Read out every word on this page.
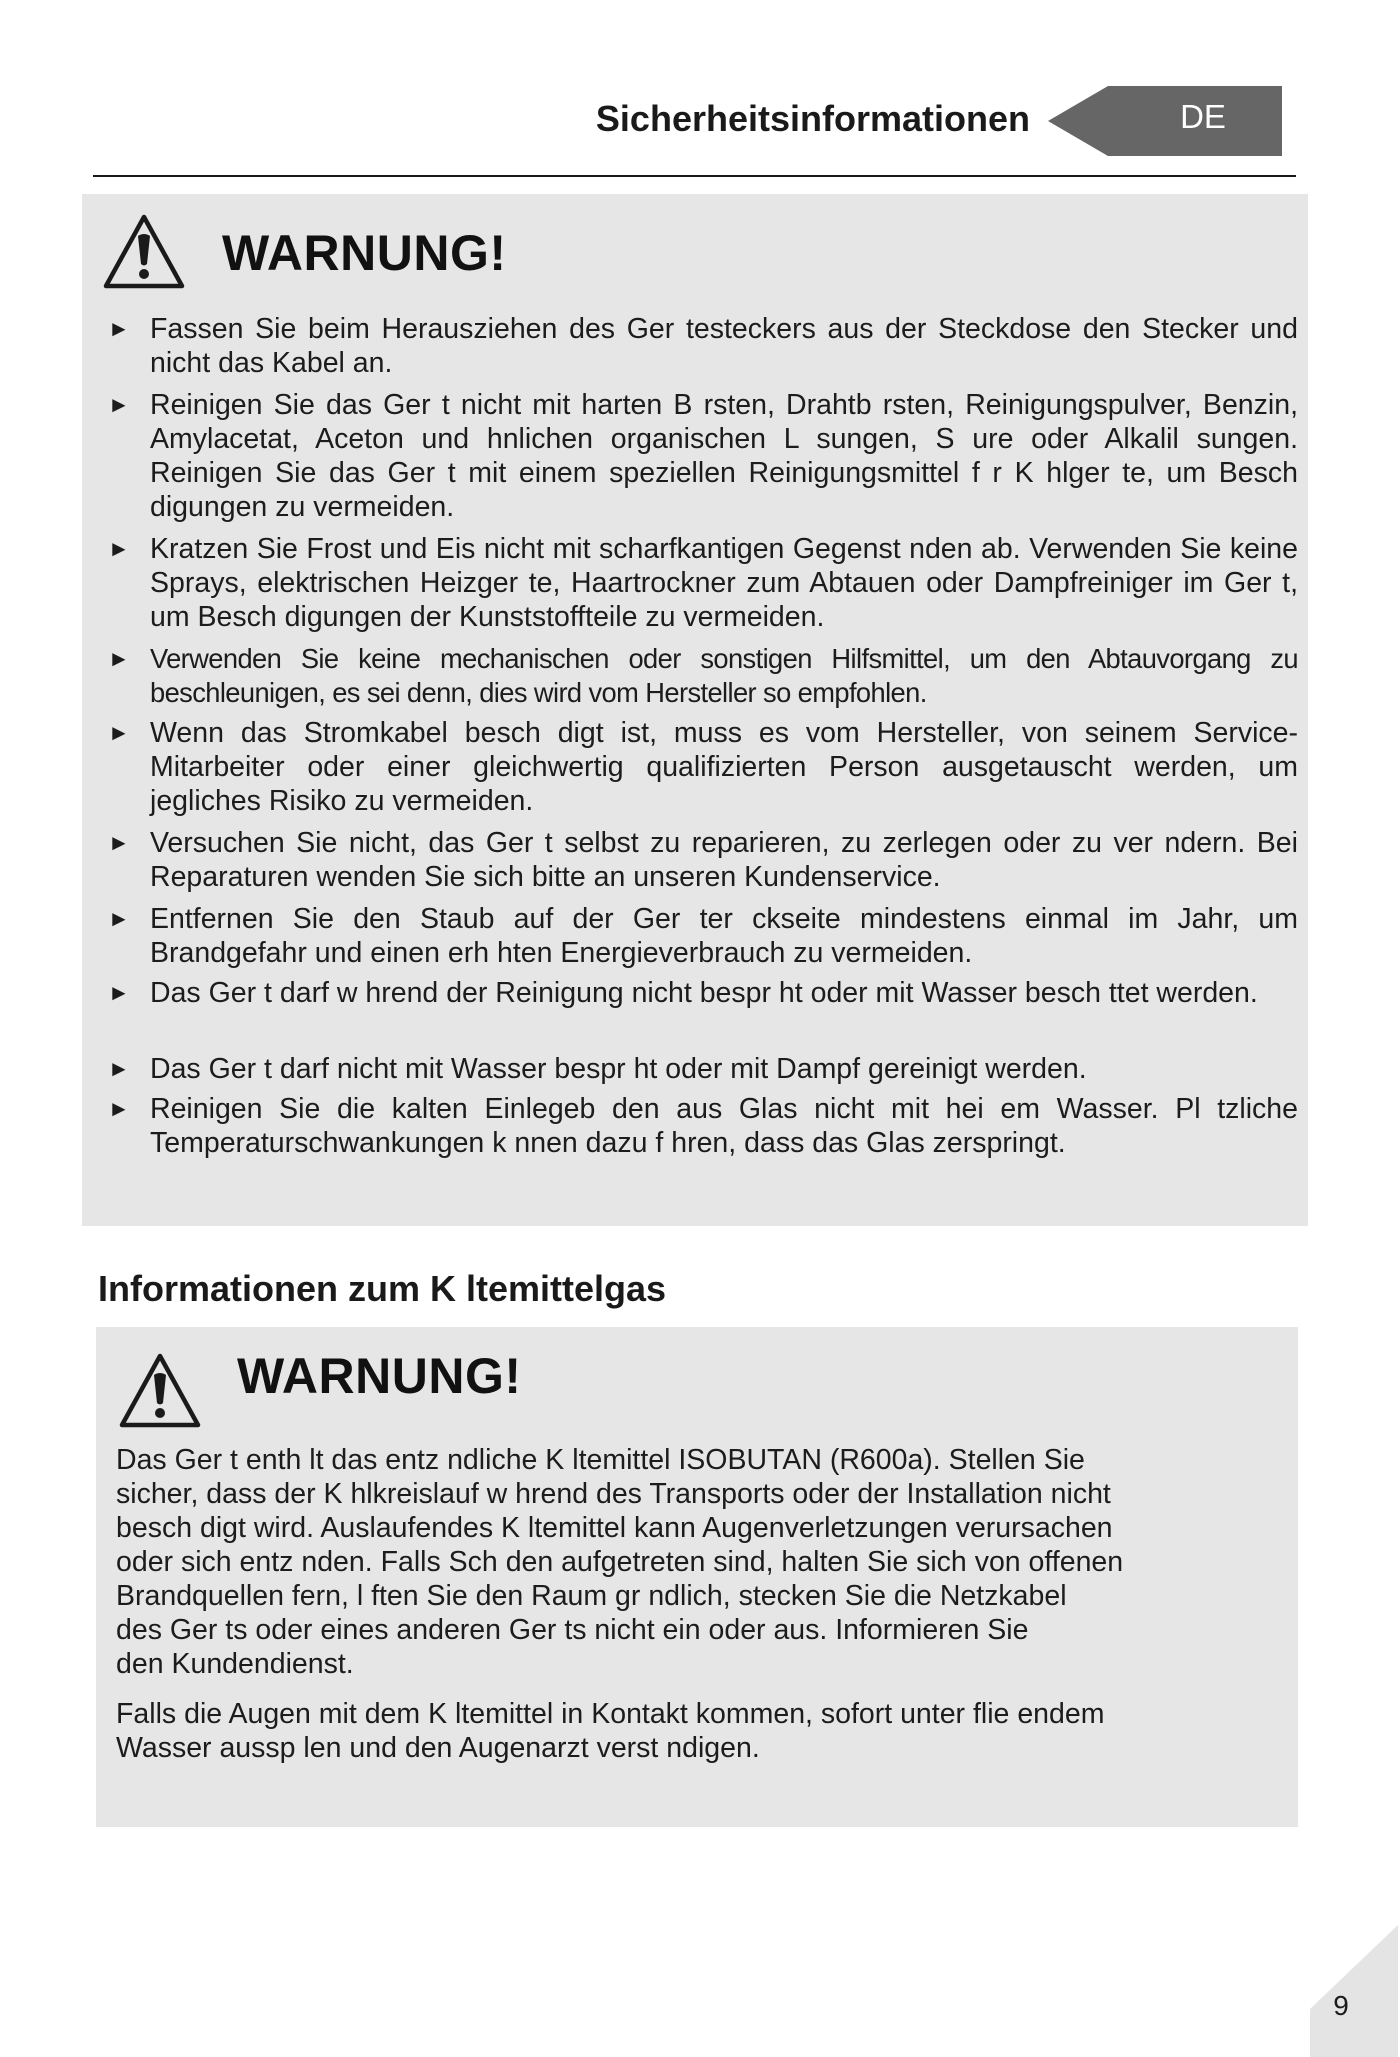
Sicherheitsinformationen	DE
WARNUNG!
► Fassen Sie beim Herausziehen des Ger testeckers aus der Steckdose den Stecker und nicht das Kabel an.
► Reinigen Sie das Ger t nicht mit harten B rsten, Drahtb rsten, Reinigungspulver, Benzin, Amylacetat, Aceton und hnlichen organischen L sungen, S ure oder Alkalil sungen. Reinigen Sie das Ger t mit einem speziellen Reinigungsmittel f r K hlger te, um Besch digungen zu vermeiden.
► Kratzen Sie Frost und Eis nicht mit scharfkantigen Gegenst nden ab. Verwenden Sie keine Sprays, elektrischen Heizger te, Haartrockner zum Abtauen oder Dampfreiniger im Ger t, um Besch digungen der Kunststoffteile zu vermeiden.
► Verwenden Sie keine mechanischen oder sonstigen Hilfsmittel, um den Abtauvorgang zu beschleunigen, es sei denn, dies wird vom Hersteller so empfohlen.
► Wenn das Stromkabel besch digt ist, muss es vom Hersteller, von seinem Service-Mitarbeiter oder einer gleichwertig qualifizierten Person ausgetauscht werden, um jegliches Risiko zu vermeiden.
► Versuchen Sie nicht, das Ger t selbst zu reparieren, zu zerlegen oder zu ver ndern. Bei Reparaturen wenden Sie sich bitte an unseren Kundenservice.
► Entfernen Sie den Staub auf der Ger ter ckseite mindestens einmal im Jahr, um Brandgefahr und einen erh hten Energieverbrauch zu vermeiden.
► Das Ger t darf w hrend der Reinigung nicht bespr ht oder mit Wasser besch ttet werden.
► Das Ger t darf nicht mit Wasser bespr ht oder mit Dampf gereinigt werden.
► Reinigen Sie die kalten Einlegeb den aus Glas nicht mit hei em Wasser. Pl tzliche Temperaturschwankungen k nnen dazu f hren, dass das Glas zerspringt.
Informationen zum K ltemittelgas
WARNUNG!
Das Ger t enth lt das entz ndliche K ltemittel ISOBUTAN (R600a). Stellen Sie
sicher, dass der K hlkreislauf w hrend des Transports oder der Installation nicht
besch digt wird. Auslaufendes K ltemittel kann Augenverletzungen verursachen
oder sich entz nden. Falls Sch den aufgetreten sind, halten Sie sich von offenen
Brandquellen fern, l ften Sie den Raum gr ndlich, stecken Sie die Netzkabel
des Ger ts oder eines anderen Ger ts nicht ein oder aus. Informieren Sie
den Kundendienst.
Falls die Augen mit dem K ltemittel in Kontakt kommen, sofort unter flie endem
Wasser aussp len und den Augenarzt verst ndigen.
9
